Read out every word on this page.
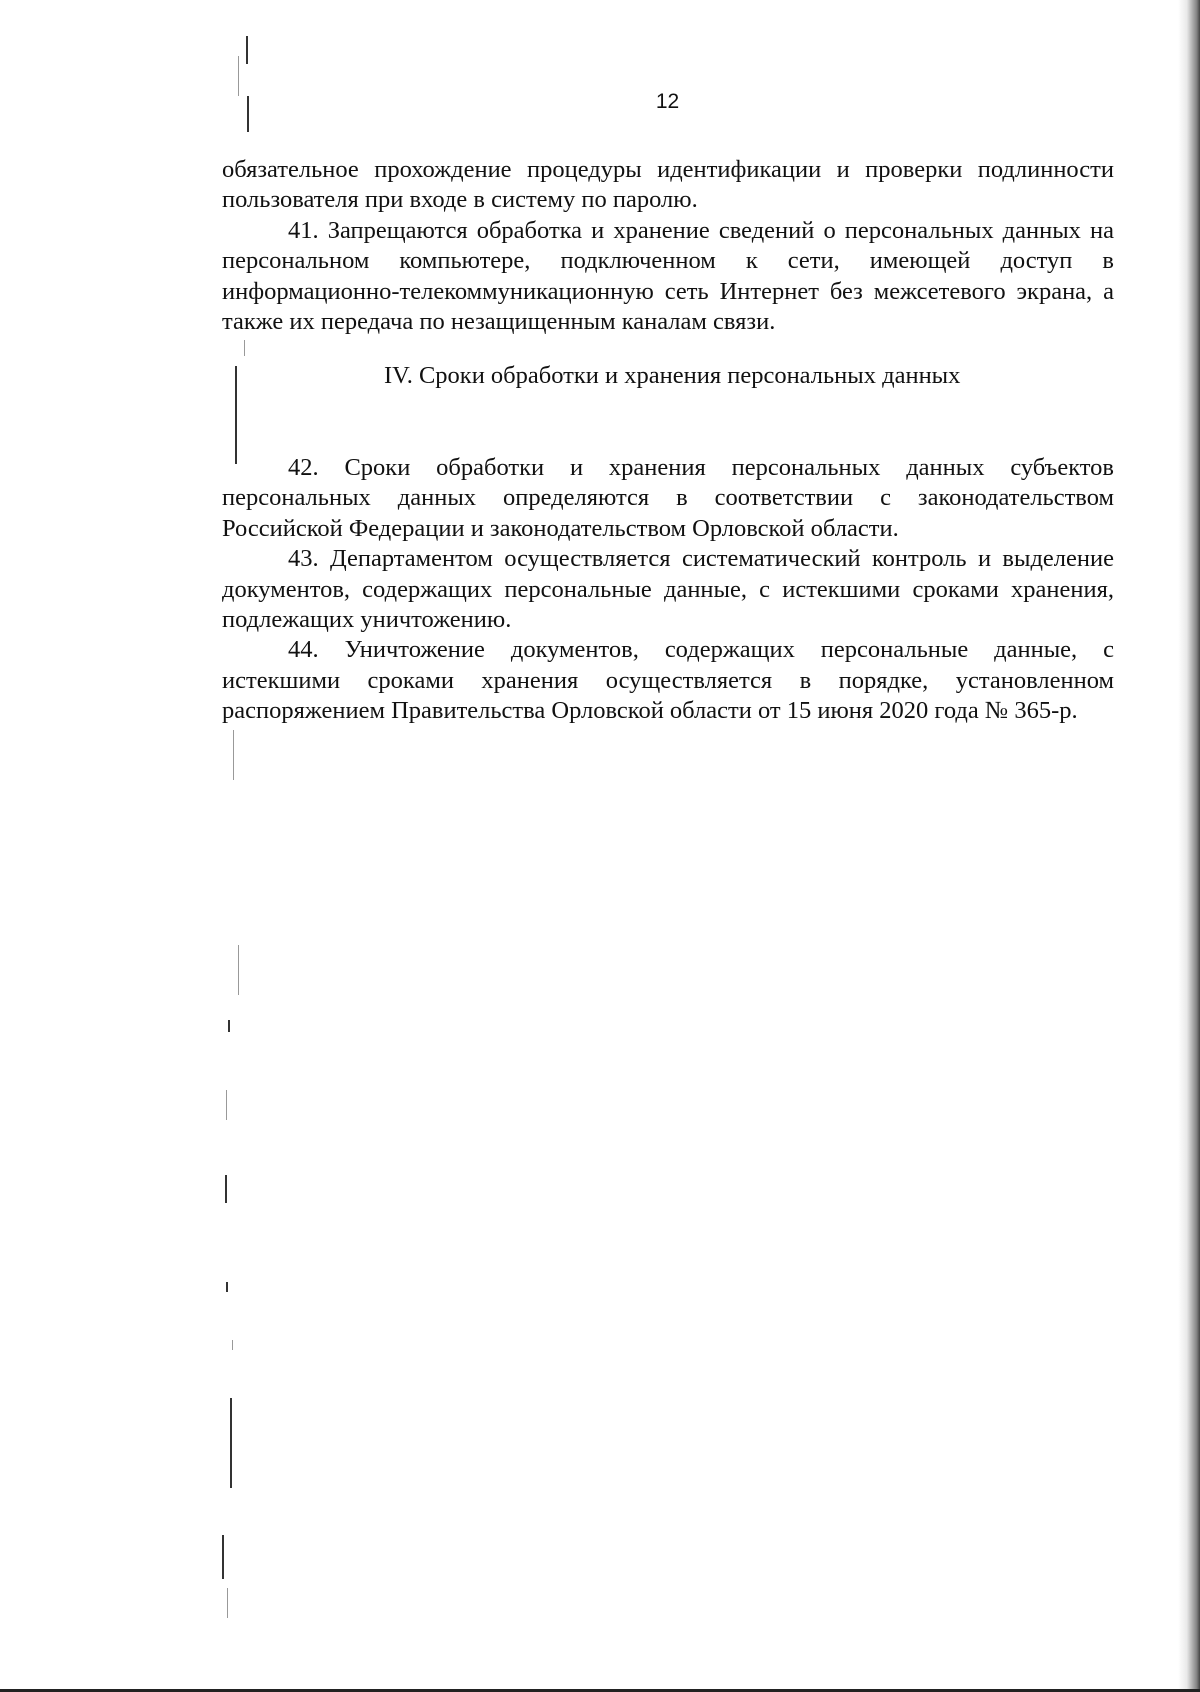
12

обязательное прохождение процедуры идентификации и проверки подлинности пользователя при входе в систему по паролю.

41. Запрещаются обработка и хранение сведений о персональных данных на персональном компьютере, подключенном к сети, имеющей доступ в информационно-телекоммуникационную сеть Интернет без межсетевого экрана, а также их передача по незащищенным каналам связи.

IV. Сроки обработки и хранения персональных данных

42. Сроки обработки и хранения персональных данных субъектов персональных данных определяются в соответствии с законодательством Российской Федерации и законодательством Орловской области.

43. Департаментом осуществляется систематический контроль и выделение документов, содержащих персональные данные, с истекшими сроками хранения, подлежащих уничтожению.

44. Уничтожение документов, содержащих персональные данные, с истекшими сроками хранения осуществляется в порядке, установленном распоряжением Правительства Орловской области от 15 июня 2020 года № 365-р.
